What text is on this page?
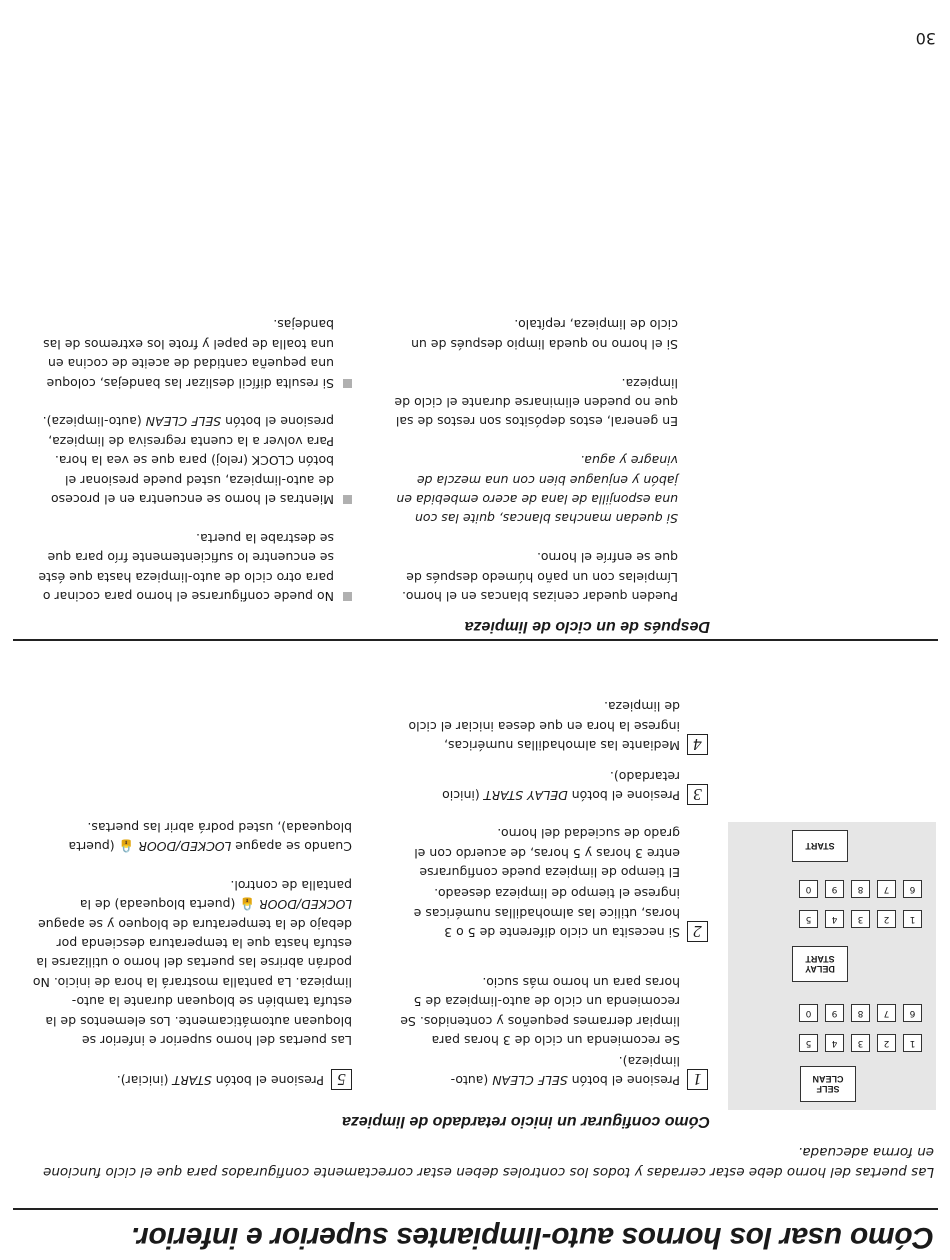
Cómo usar los hornos auto-limpiantes superior e inferior.
Las puertas del horno debe estar cerradas y todos los controles deben estar correctamente configurados para que el ciclo funcione en forma adecuada.
Cómo configurar un inicio retardado de limpieza
SELF
CLEAN
1
2
3
4
5
6
7
8
9
0
DELAY
START
1
2
3
4
5
6
7
8
9
0
START
1
Presione el botón SELF CLEAN (auto-limpieza).
Se recomienda un ciclo de 3 horas para limpiar derrames pequeños y contenidos. Se recomienda un ciclo de auto-limpieza de 5 horas para un horno más sucio.
2
Si necesita un ciclo diferente de 5 o 3 horas, utilice las almohadillas numéricas e ingrese el tiempo de limpieza deseado.
El tiempo de limpieza puede configurarse entre 3 horas y 5 horas, de acuerdo con el grado de suciedad del horno.
3
Presione el botón DELAY START (inicio retardado).
4
Mediante las almohadillas numéricas, ingrese la hora en que desea iniciar el ciclo de limpieza.
5
Presione el botón START (iniciar).

Las puertas del horno superior e inferior se bloquean automáticamente. Los elementos de la estufa también se bloquean durante la auto-limpieza. La pantalla mostrará la hora de inicio. No podrán abrirse las puertas del horno o utilizarse la estufa hasta que la temperatura descienda por debajo de la temperatura de bloqueo y se apague LOCKED/DOOR 🔒 (puerta bloqueada) de la pantalla de control.

Cuando se apague LOCKED/DOOR 🔒 (puerta bloqueada), usted podrá abrir las puertas.

Después de un ciclo de limpieza

Pueden quedar cenizas blancas en el horno. Límpielas con un paño húmedo después de que se enfríe el horno.

Si quedan manchas blancas, quite las con una esponjilla de lana de acero embebida en jabón y enjuague bien con una mezcla de vinagre y agua.

En general, estos depósitos son restos de sal que no pueden eliminarse durante el ciclo de limpieza.

Si el horno no queda limpio después de un ciclo de limpieza, repítalo.

No puede configurarse el horno para cocinar o para otro ciclo de auto-limpieza hasta que éste se encuentre lo suficientemente frío para que se destrabe la puerta.
Mientras el horno se encuentra en el proceso de auto-limpieza, usted puede presionar el botón CLOCK (reloj) para que se vea la hora. Para volver a la cuenta regresiva de limpieza, presione el botón SELF CLEAN (auto-limpieza).
Si resulta difícil deslizar las bandejas, coloque una pequeña cantidad de aceite de cocina en una toalla de papel y frote los extremos de las bandejas.
30
